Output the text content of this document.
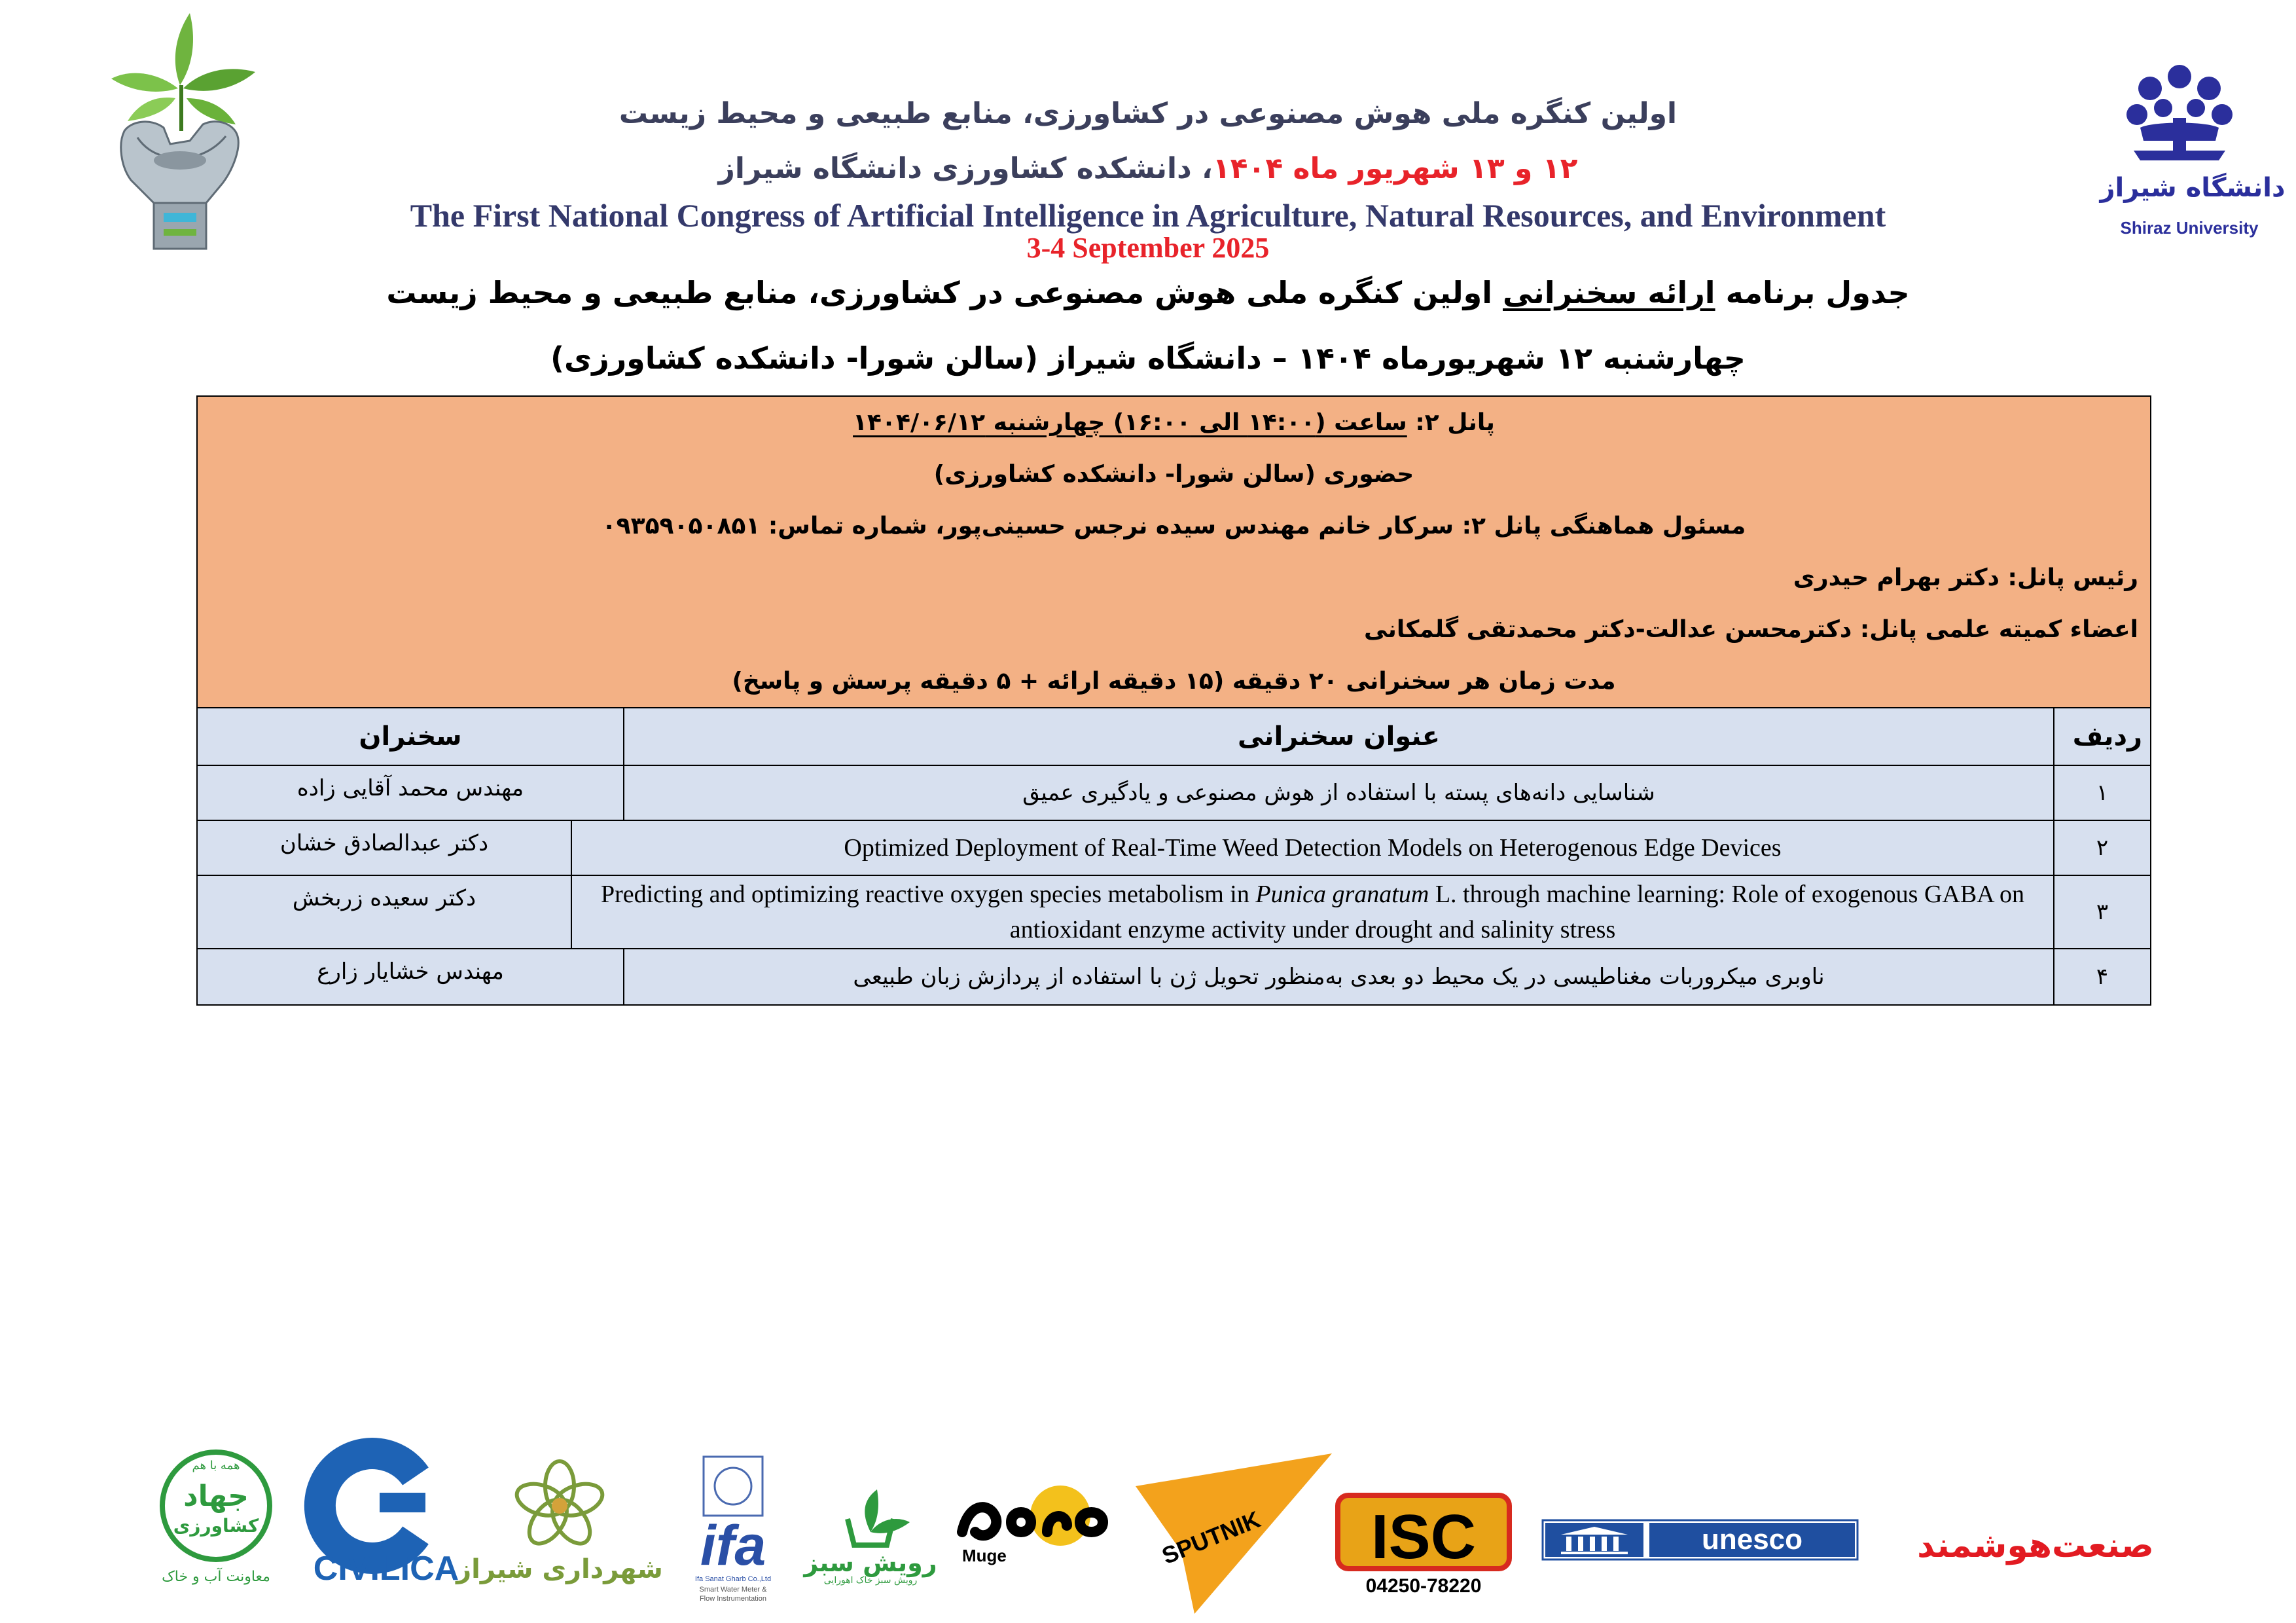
دانشگاه شیراز
Shiraz University
اولین کنگره ملی هوش مصنوعی در کشاورزی، منابع طبیعی و محیط زیست
۱۲ و ۱۳ شهریور ماه ۱۴۰۴، دانشکده کشاورزی دانشگاه شیراز
The First National Congress of Artificial Intelligence in Agriculture, Natural Resources, and Environment
3-4 September 2025
جدول برنامه ارائه سخنرانی اولین کنگره ملی هوش مصنوعی در کشاورزی، منابع طبیعی و محیط زیست
چهارشنبه ۱۲ شهریورماه ۱۴۰۴ – دانشگاه شیراز (سالن شورا- دانشکده کشاورزی)
پانل ۲: ساعت (۱۴:۰۰ الی ۱۶:۰۰) چهارشنبه ۱۴۰۴/۰۶/۱۲
حضوری (سالن شورا- دانشکده کشاورزی)
مسئول هماهنگی پانل ۲: سرکار خانم مهندس سیده نرجس حسینی‌پور، شماره تماس: ۰۹۳۵۹۰۵۰۸۵۱
رئیس پانل: دکتر بهرام حیدری
اعضاء کمیته علمی پانل: دکترمحسن عدالت-دکتر محمدتقی گلمکانی
مدت زمان هر سخنرانی ۲۰ دقیقه (۱۵ دقیقه ارائه + ۵ دقیقه پرسش و پاسخ)
ردیف
عنوان سخنرانی
سخنران
۱
شناسایی دانه‌های پسته با استفاده از هوش مصنوعی و یادگیری عمیق
مهندس محمد آقایی زاده
۲
Optimized Deployment of Real-Time Weed Detection Models on Heterogenous Edge Devices
دکتر عبدالصادق خشان
۳
Predicting and optimizing reactive oxygen species metabolism in Punica granatum L. through machine learning: Role of exogenous GABA on antioxidant enzyme activity under drought and salinity stress
دکتر سعیده زربخش
۴
ناوبری میکروربات مغناطیسی در یک محیط دو بعدی به‌منظور تحویل ژن با استفاده از پردازش زبان طبیعی
مهندس خشایار زارع
همه با هم
جهاد
کشاورزی
معاونت آب و خاک CIVILICA
شهرداری شیراز ifa
Ifa Sanat Gharb Co.,Ltd
Smart Water Meter &
Flow Instrumentation
رویش سبز
رویش سبز خاک اهورایی
Muge	SPUTNIK ISC
04250-78220
unesco	صنعت‌هوشمند
